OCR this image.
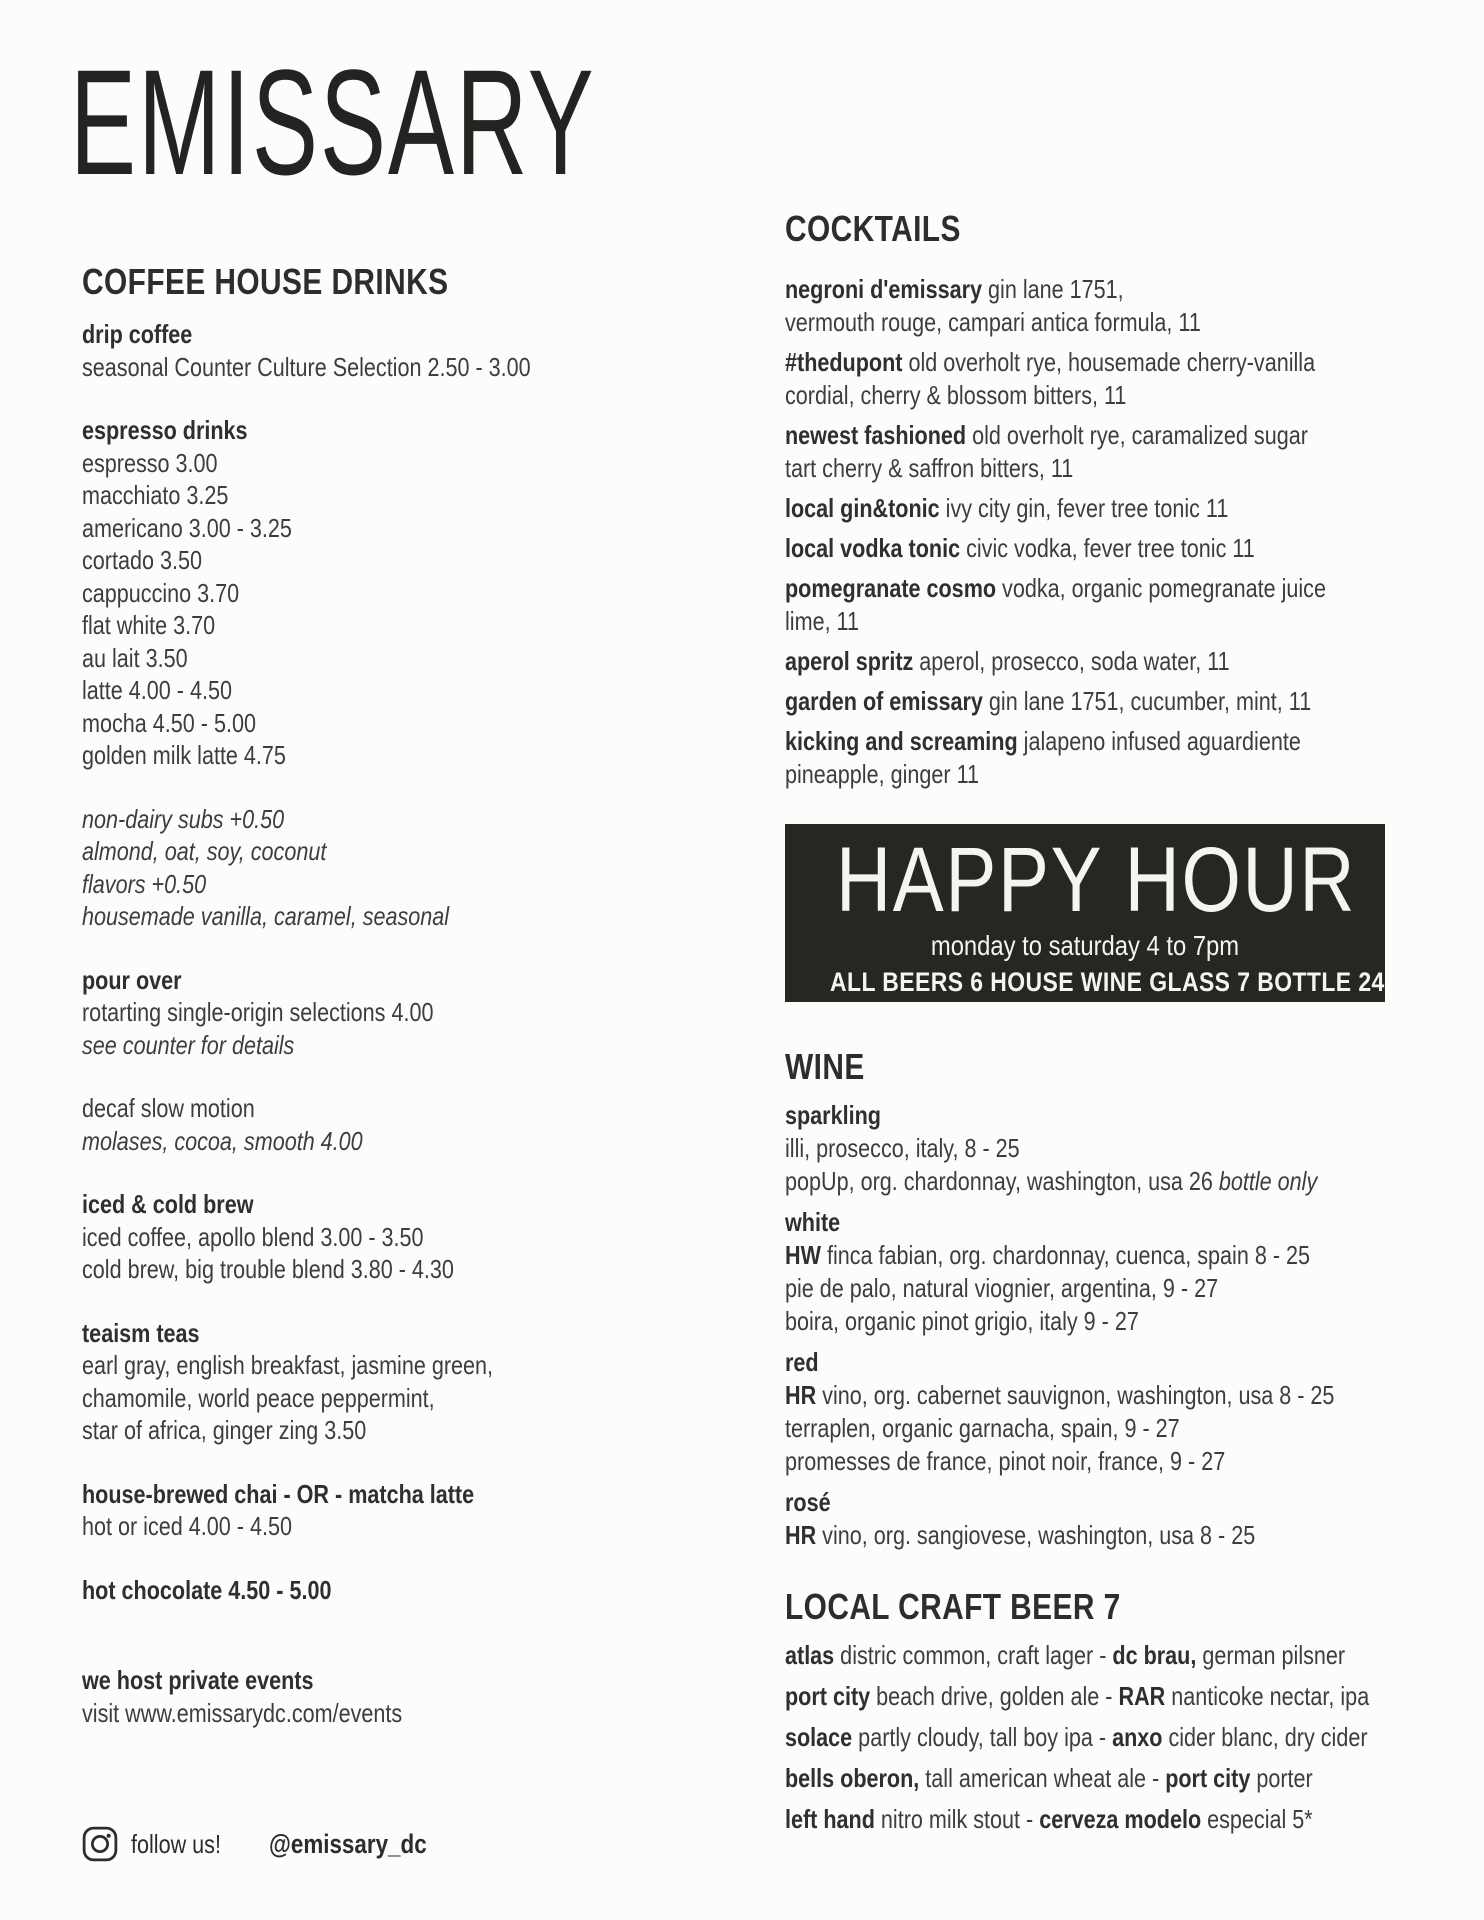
EMISSARY
COFFEE HOUSE DRINKS
drip coffee
seasonal Counter Culture Selection 2.50 - 3.00
espresso drinks
espresso 3.00
macchiato 3.25
americano 3.00 - 3.25
cortado 3.50
cappuccino 3.70
flat white 3.70
au lait 3.50
latte 4.00 - 4.50
mocha 4.50 - 5.00
golden milk latte 4.75
non-dairy subs +0.50
almond, oat, soy, coconut
flavors +0.50
housemade vanilla, caramel, seasonal
pour over
rotarting single-origin selections 4.00
see counter for details
decaf slow motion
molases, cocoa, smooth 4.00
iced & cold brew
iced coffee, apollo blend 3.00 - 3.50
cold brew, big trouble blend 3.80 - 4.30
teaism teas
earl gray, english breakfast, jasmine green,
chamomile, world peace peppermint,
star of africa, ginger zing 3.50
house-brewed chai - OR - matcha latte
hot or iced 4.00 - 4.50
hot chocolate 4.50 - 5.00
we host private events
visit www.emissarydc.com/events
COCKTAILS
negroni d'emissary gin lane 1751,
vermouth rouge, campari antica formula, 11
#thedupont old overholt rye, housemade cherry-vanilla
cordial, cherry & blossom bitters, 11
newest fashioned old overholt rye, caramalized sugar
tart cherry & saffron bitters, 11
local gin&tonic ivy city gin, fever tree tonic 11
local vodka tonic civic vodka, fever tree tonic 11
pomegranate cosmo vodka, organic pomegranate juice
lime, 11
aperol spritz aperol, prosecco, soda water, 11
garden of emissary gin lane 1751, cucumber, mint, 11
kicking and screaming jalapeno infused aguardiente
pineapple, ginger 11
HAPPY HOUR
monday to saturday 4 to 7pm
ALL BEERS 6 HOUSE WINE GLASS 7 BOTTLE 24
WINE
sparkling
illi, prosecco, italy, 8 - 25
popUp, org. chardonnay, washington, usa 26 bottle only
white
HW finca fabian, org. chardonnay, cuenca, spain 8 - 25
pie de palo, natural viognier, argentina, 9 - 27
boira, organic pinot grigio, italy 9 - 27
red
HR vino, org. cabernet sauvignon, washington, usa 8 - 25
terraplen, organic garnacha, spain, 9 - 27
promesses de france, pinot noir, france, 9 - 27
rosé
HR vino, org. sangiovese, washington, usa 8 - 25
LOCAL CRAFT BEER 7
atlas distric common, craft lager - dc brau, german pilsner
port city beach drive, golden ale - RAR nanticoke nectar, ipa
solace partly cloudy, tall boy ipa - anxo cider blanc, dry cider
bells oberon, tall american wheat ale - port city porter
left hand nitro milk stout - cerveza modelo especial 5*
follow us! @emissary_dc
